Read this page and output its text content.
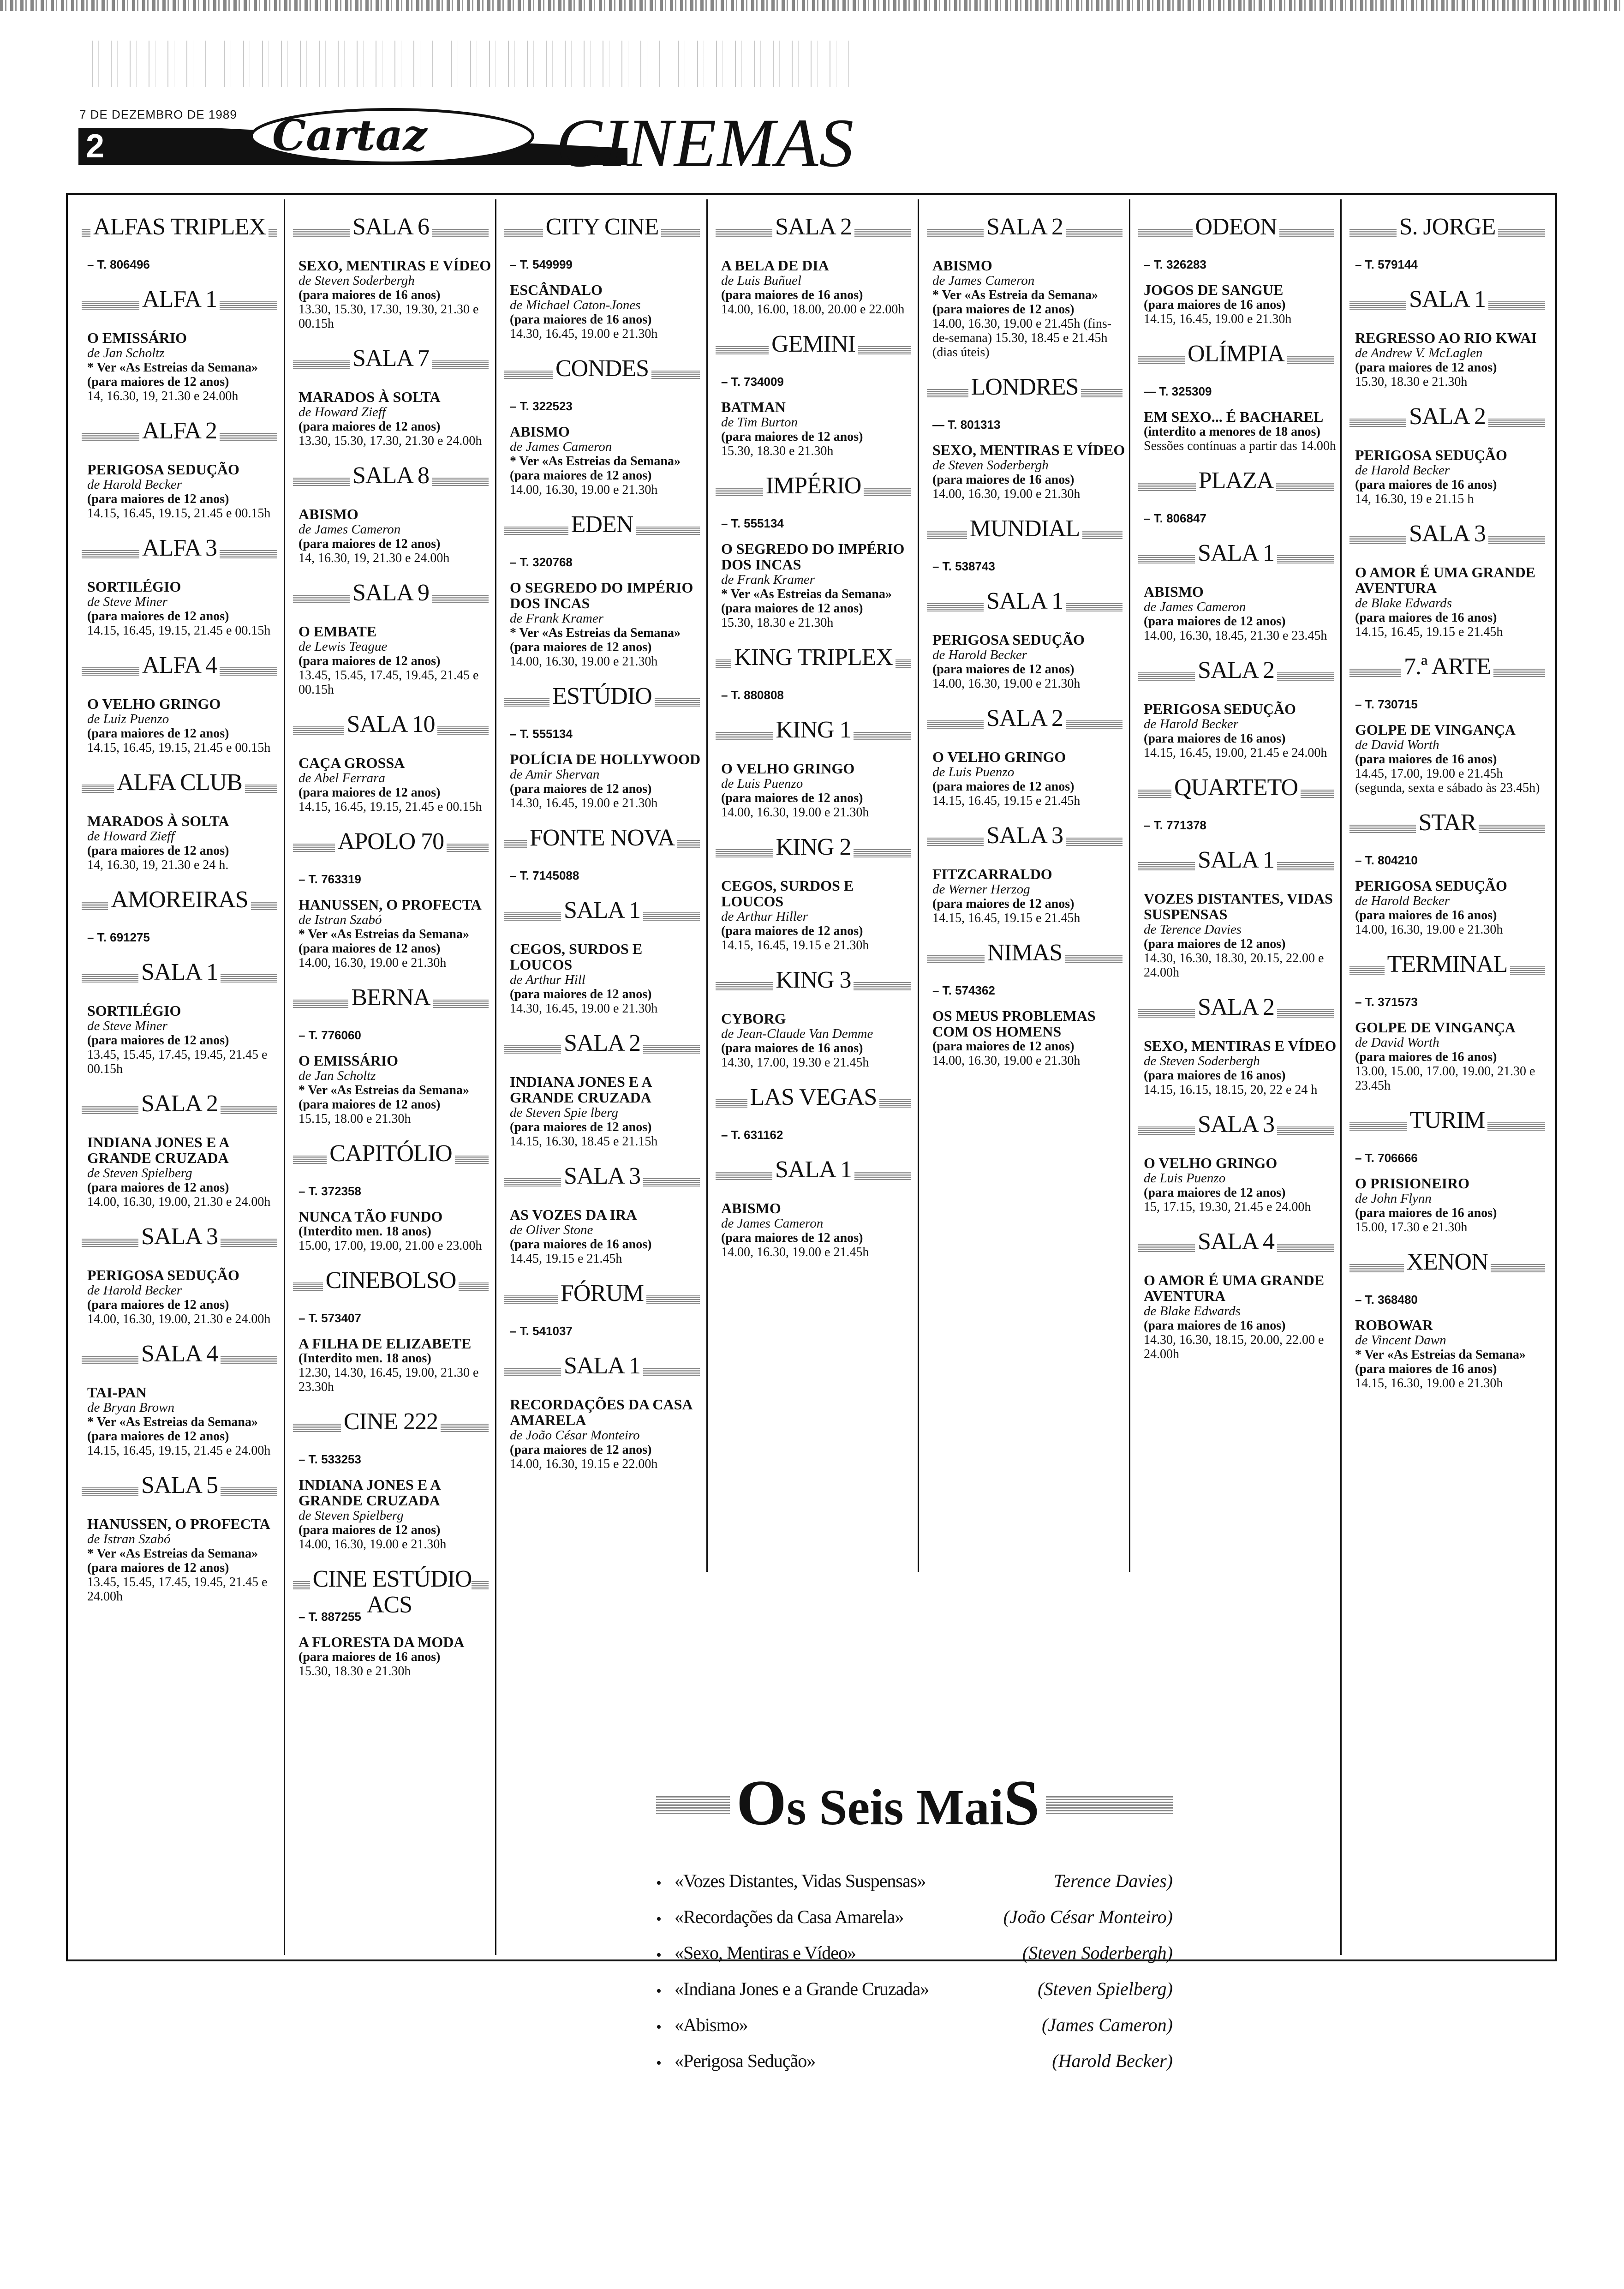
7 DE DEZEMBRO DE 1989
2	Cartaz CINEMAS
ALFAS TRIPLEX
– T. 806496
ALFA 1
O EMISSÁRIO
de Jan Scholtz
* Ver «As Estreias da Semana»
(para maiores de 12 anos)
14, 16.30, 19, 21.30 e 24.00h
ALFA 2
PERIGOSA SEDUÇÃO
de Harold Becker
(para maiores de 12 anos)
14.15, 16.45, 19.15, 21.45 e 00.15h
ALFA 3
SORTILÉGIO
de Steve Miner
(para maiores de 12 anos)
14.15, 16.45, 19.15, 21.45 e 00.15h
ALFA 4
O VELHO GRINGO
de Luiz Puenzo
(para maiores de 12 anos)
14.15, 16.45, 19.15, 21.45 e 00.15h
ALFA CLUB
MARADOS À SOLTA
de Howard Zieff
(para maiores de 12 anos)
14, 16.30, 19, 21.30 e 24 h.
AMOREIRAS
– T. 691275
SALA 1
SORTILÉGIO
de Steve Miner
(para maiores de 12 anos)
13.45, 15.45, 17.45, 19.45, 21.45 e 00.15h
SALA 2
INDIANA JONES E A GRANDE CRUZADA
de Steven Spielberg
(para maiores de 12 anos)
14.00, 16.30, 19.00, 21.30 e 24.00h
SALA 3
PERIGOSA SEDUÇÃO
de Harold Becker
(para maiores de 12 anos)
14.00, 16.30, 19.00, 21.30 e 24.00h
SALA 4
TAI-PAN
de Bryan Brown
* Ver «As Estreias da Semana»
(para maiores de 12 anos)
14.15, 16.45, 19.15, 21.45 e 24.00h
SALA 5
HANUSSEN, O PROFECTA
de Istran Szabó
* Ver «As Estreias da Semana»
(para maiores de 12 anos)
13.45, 15.45, 17.45, 19.45, 21.45 e 24.00h
SALA 6
SEXO, MENTIRAS E VÍDEO
de Steven Soderbergh
(para maiores de 16 anos)
13.30, 15.30, 17.30, 19.30, 21.30 e 00.15h
SALA 7
MARADOS À SOLTA
de Howard Zieff
(para maiores de 12 anos)
13.30, 15.30, 17.30, 21.30 e 24.00h
SALA 8
ABISMO
de James Cameron
(para maiores de 12 anos)
14, 16.30, 19, 21.30 e 24.00h
SALA 9
O EMBATE
de Lewis Teague
(para maiores de 12 anos)
13.45, 15.45, 17.45, 19.45, 21.45 e 00.15h
SALA 10
CAÇA GROSSA
de Abel Ferrara
(para maiores de 12 anos)
14.15, 16.45, 19.15, 21.45 e 00.15h
APOLO 70
– T. 763319
HANUSSEN, O PROFECTA
de Istran Szabó
* Ver «As Estreias da Semana»
(para maiores de 12 anos)
14.00, 16.30, 19.00 e 21.30h
BERNA
– T. 776060
O EMISSÁRIO
de Jan Scholtz
* Ver «As Estreias da Semana»
(para maiores de 12 anos)
15.15, 18.00 e 21.30h
CAPITÓLIO
– T. 372358
NUNCA TÃO FUNDO
(Interdito men. 18 anos)
15.00, 17.00, 19.00, 21.00 e 23.00h
CINEBOLSO
– T. 573407
A FILHA DE ELIZABETE
(Interdito men. 18 anos)
12.30, 14.30, 16.45, 19.00, 21.30 e 23.30h
CINE 222
– T. 533253
INDIANA JONES E A GRANDE CRUZADA
de Steven Spielberg
(para maiores de 12 anos)
14.00, 16.30, 19.00 e 21.30h
CINE ESTÚDIO ACS
– T. 887255
A FLORESTA DA MODA
(para maiores de 16 anos)
15.30, 18.30 e 21.30h
CITY CINE
– T. 549999
ESCÂNDALO
de Michael Caton-Jones
(para maiores de 16 anos)
14.30, 16.45, 19.00 e 21.30h
CONDES
– T. 322523
ABISMO
de James Cameron
* Ver «As Estreias da Semana»
(para maiores de 12 anos)
14.00, 16.30, 19.00 e 21.30h
EDEN
– T. 320768
O SEGREDO DO IMPÉRIO DOS INCAS
de Frank Kramer
* Ver «As Estreias da Semana»
(para maiores de 12 anos)
14.00, 16.30, 19.00 e 21.30h
ESTÚDIO
– T. 555134
POLÍCIA DE HOLLYWOOD
de Amir Shervan
(para maiores de 12 anos)
14.30, 16.45, 19.00 e 21.30h
FONTE NOVA
– T. 7145088
SALA 1
CEGOS, SURDOS E LOUCOS
de Arthur Hill
(para maiores de 12 anos)
14.30, 16.45, 19.00 e 21.30h
SALA 2
INDIANA JONES E A GRANDE CRUZADA
de Steven Spie lberg
(para maiores de 12 anos)
14.15, 16.30, 18.45 e 21.15h
SALA 3
AS VOZES DA IRA
de Oliver Stone
(para maiores de 16 anos)
14.45, 19.15 e 21.45h
FÓRUM
– T. 541037
SALA 1
RECORDAÇÕES DA CASA AMARELA
de João César Monteiro
(para maiores de 12 anos)
14.00, 16.30, 19.15 e 22.00h
SALA 2
A BELA DE DIA
de Luis Buñuel
(para maiores de 16 anos)
14.00, 16.00, 18.00, 20.00 e 22.00h
GEMINI
– T. 734009
BATMAN
de Tim Burton
(para maiores de 12 anos)
15.30, 18.30 e 21.30h
IMPÉRIO
– T. 555134
O SEGREDO DO IMPÉRIO DOS INCAS
de Frank Kramer
* Ver «As Estreias da Semana»
(para maiores de 12 anos)
15.30, 18.30 e 21.30h
KING TRIPLEX
– T. 880808
KING 1
O VELHO GRINGO
de Luis Puenzo
(para maiores de 12 anos)
14.00, 16.30, 19.00 e 21.30h
KING 2
CEGOS, SURDOS E LOUCOS
de Arthur Hiller
(para maiores de 12 anos)
14.15, 16.45, 19.15 e 21.30h
KING 3
CYBORG
de Jean-Claude Van Demme
(para maiores de 16 anos)
14.30, 17.00, 19.30 e 21.45h
LAS VEGAS
– T. 631162
SALA 1
ABISMO
de James Cameron
(para maiores de 12 anos)
14.00, 16.30, 19.00 e 21.45h
SALA 2
ABISMO
de James Cameron
* Ver «As Estreia da Semana»
(para maiores de 12 anos)
14.00, 16.30, 19.00 e 21.45h (fins-de-semana) 15.30, 18.45 e 21.45h (dias úteis)
LONDRES
— T. 801313
SEXO, MENTIRAS E VÍDEO
de Steven Soderbergh
(para maiores de 16 anos)
14.00, 16.30, 19.00 e 21.30h
MUNDIAL
– T. 538743
SALA 1
PERIGOSA SEDUÇÃO
de Harold Becker
(para maiores de 12 anos)
14.00, 16.30, 19.00 e 21.30h
SALA 2
O VELHO GRINGO
de Luis Puenzo
(para maiores de 12 anos)
14.15, 16.45, 19.15 e 21.45h
SALA 3
FITZCARRALDO
de Werner Herzog
(para maiores de 12 anos)
14.15, 16.45, 19.15 e 21.45h
NIMAS
– T. 574362
OS MEUS PROBLEMAS COM OS HOMENS
(para maiores de 12 anos)
14.00, 16.30, 19.00 e 21.30h
ODEON
– T. 326283
JOGOS DE SANGUE
(para maiores de 16 anos)
14.15, 16.45, 19.00 e 21.30h
OLÍMPIA
— T. 325309
EM SEXO... É BACHAREL
(interdito a menores de 18 anos)
Sessões contínuas a partir das 14.00h
PLAZA
– T. 806847
SALA 1
ABISMO
de James Cameron
(para maiores de 12 anos)
14.00, 16.30, 18.45, 21.30 e 23.45h
SALA 2
PERIGOSA SEDUÇÃO
de Harold Becker
(para maiores de 16 anos)
14.15, 16.45, 19.00, 21.45 e 24.00h
QUARTETO
– T. 771378
SALA 1
VOZES DISTANTES, VIDAS SUSPENSAS
de Terence Davies
(para maiores de 12 anos)
14.30, 16.30, 18.30, 20.15, 22.00 e 24.00h
SALA 2
SEXO, MENTIRAS E VÍDEO
de Steven Soderbergh
(para maiores de 16 anos)
14.15, 16.15, 18.15, 20, 22 e 24 h
SALA 3
O VELHO GRINGO
de Luis Puenzo
(para maiores de 12 anos)
15, 17.15, 19.30, 21.45 e 24.00h
SALA 4
O AMOR É UMA GRANDE AVENTURA
de Blake Edwards
(para maiores de 16 anos)
14.30, 16.30, 18.15, 20.00, 22.00 e 24.00h
S. JORGE
– T. 579144
SALA 1
REGRESSO AO RIO KWAI
de Andrew V. McLaglen
(para maiores de 12 anos)
15.30, 18.30 e 21.30h
SALA 2
PERIGOSA SEDUÇÃO
de Harold Becker
(para maiores de 16 anos)
14, 16.30, 19 e 21.15 h
SALA 3
O AMOR É UMA GRANDE AVENTURA
de Blake Edwards
(para maiores de 16 anos)
14.15, 16.45, 19.15 e 21.45h
7.ª ARTE
– T. 730715
GOLPE DE VINGANÇA
de David Worth
(para maiores de 16 anos)
14.45, 17.00, 19.00 e 21.45h (segunda, sexta e sábado às 23.45h)
STAR
– T. 804210
PERIGOSA SEDUÇÃO
de Harold Becker
(para maiores de 16 anos)
14.00, 16.30, 19.00 e 21.30h
TERMINAL
– T. 371573
GOLPE DE VINGANÇA
de David Worth
(para maiores de 16 anos)
13.00, 15.00, 17.00, 19.00, 21.30 e 23.45h
TURIM
– T. 706666
O PRISIONEIRO
de John Flynn
(para maiores de 16 anos)
15.00, 17.30 e 21.30h
XENON
– T. 368480
ROBOWAR
de Vincent Dawn
* Ver «As Estreias da Semana» (para maiores de 16 anos)
14.15, 16.30, 19.00 e 21.30h
Os Seis MaiS
• «Vozes Distantes, Vidas Suspensas»	Terence Davies)
• «Recordações da Casa Amarela»	(João César Monteiro)
• «Sexo, Mentiras e Vídeo»	(Steven Soderbergh)
• «Indiana Jones e a Grande Cruzada»	(Steven Spielberg)
• «Abismo»	(James Cameron)
• «Perigosa Sedução»	(Harold Becker)
